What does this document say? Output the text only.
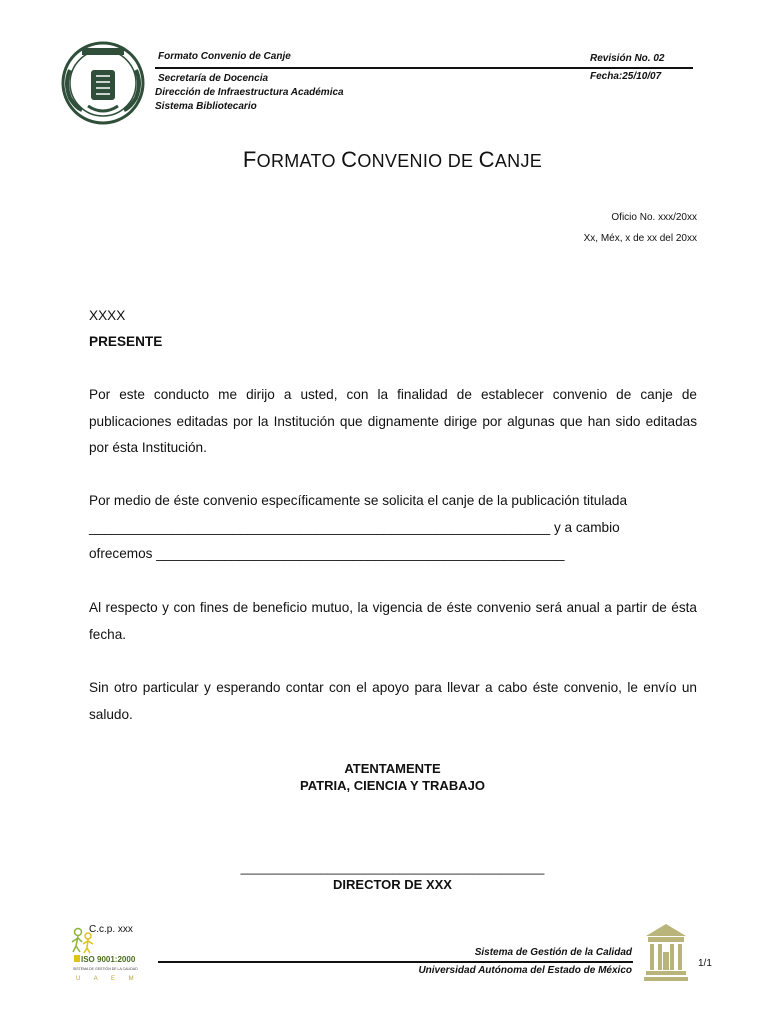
Formato Convenio de Canje	Revisión No. 02
Fecha:25/10/07
Secretaría de Docencia
Dirección de Infraestructura Académica
Sistema Bibliotecario
FORMATO CONVENIO DE CANJE
Oficio No. xxx/20xx
Xx, Méx, x de xx del 20xx
XXXX
PRESENTE
Por este conducto me dirijo a usted, con la finalidad de establecer convenio de canje de publicaciones editadas por la Institución que dignamente dirige por algunas que han sido editadas por ésta Institución.
Por medio de éste convenio específicamente se solicita el canje de la publicación titulada
_____________________________________________________________ y a cambio
ofrecemos ______________________________________________________
Al respecto y con fines de beneficio mutuo, la vigencia de éste convenio será anual a partir de ésta fecha.
Sin otro particular y esperando contar con el apoyo para llevar a cabo éste convenio, le envío un saludo.
ATENTAMENTE
PATRIA, CIENCIA Y TRABAJO
__________________________________________
DIRECTOR DE XXX
ISO 9001:2000
SISTEMA DE GESTIÓN DE LA CALIDAD
U A E M
C.c.p. xxx
Sistema de Gestión de la Calidad
Universidad Autónoma del Estado de México
1/1
